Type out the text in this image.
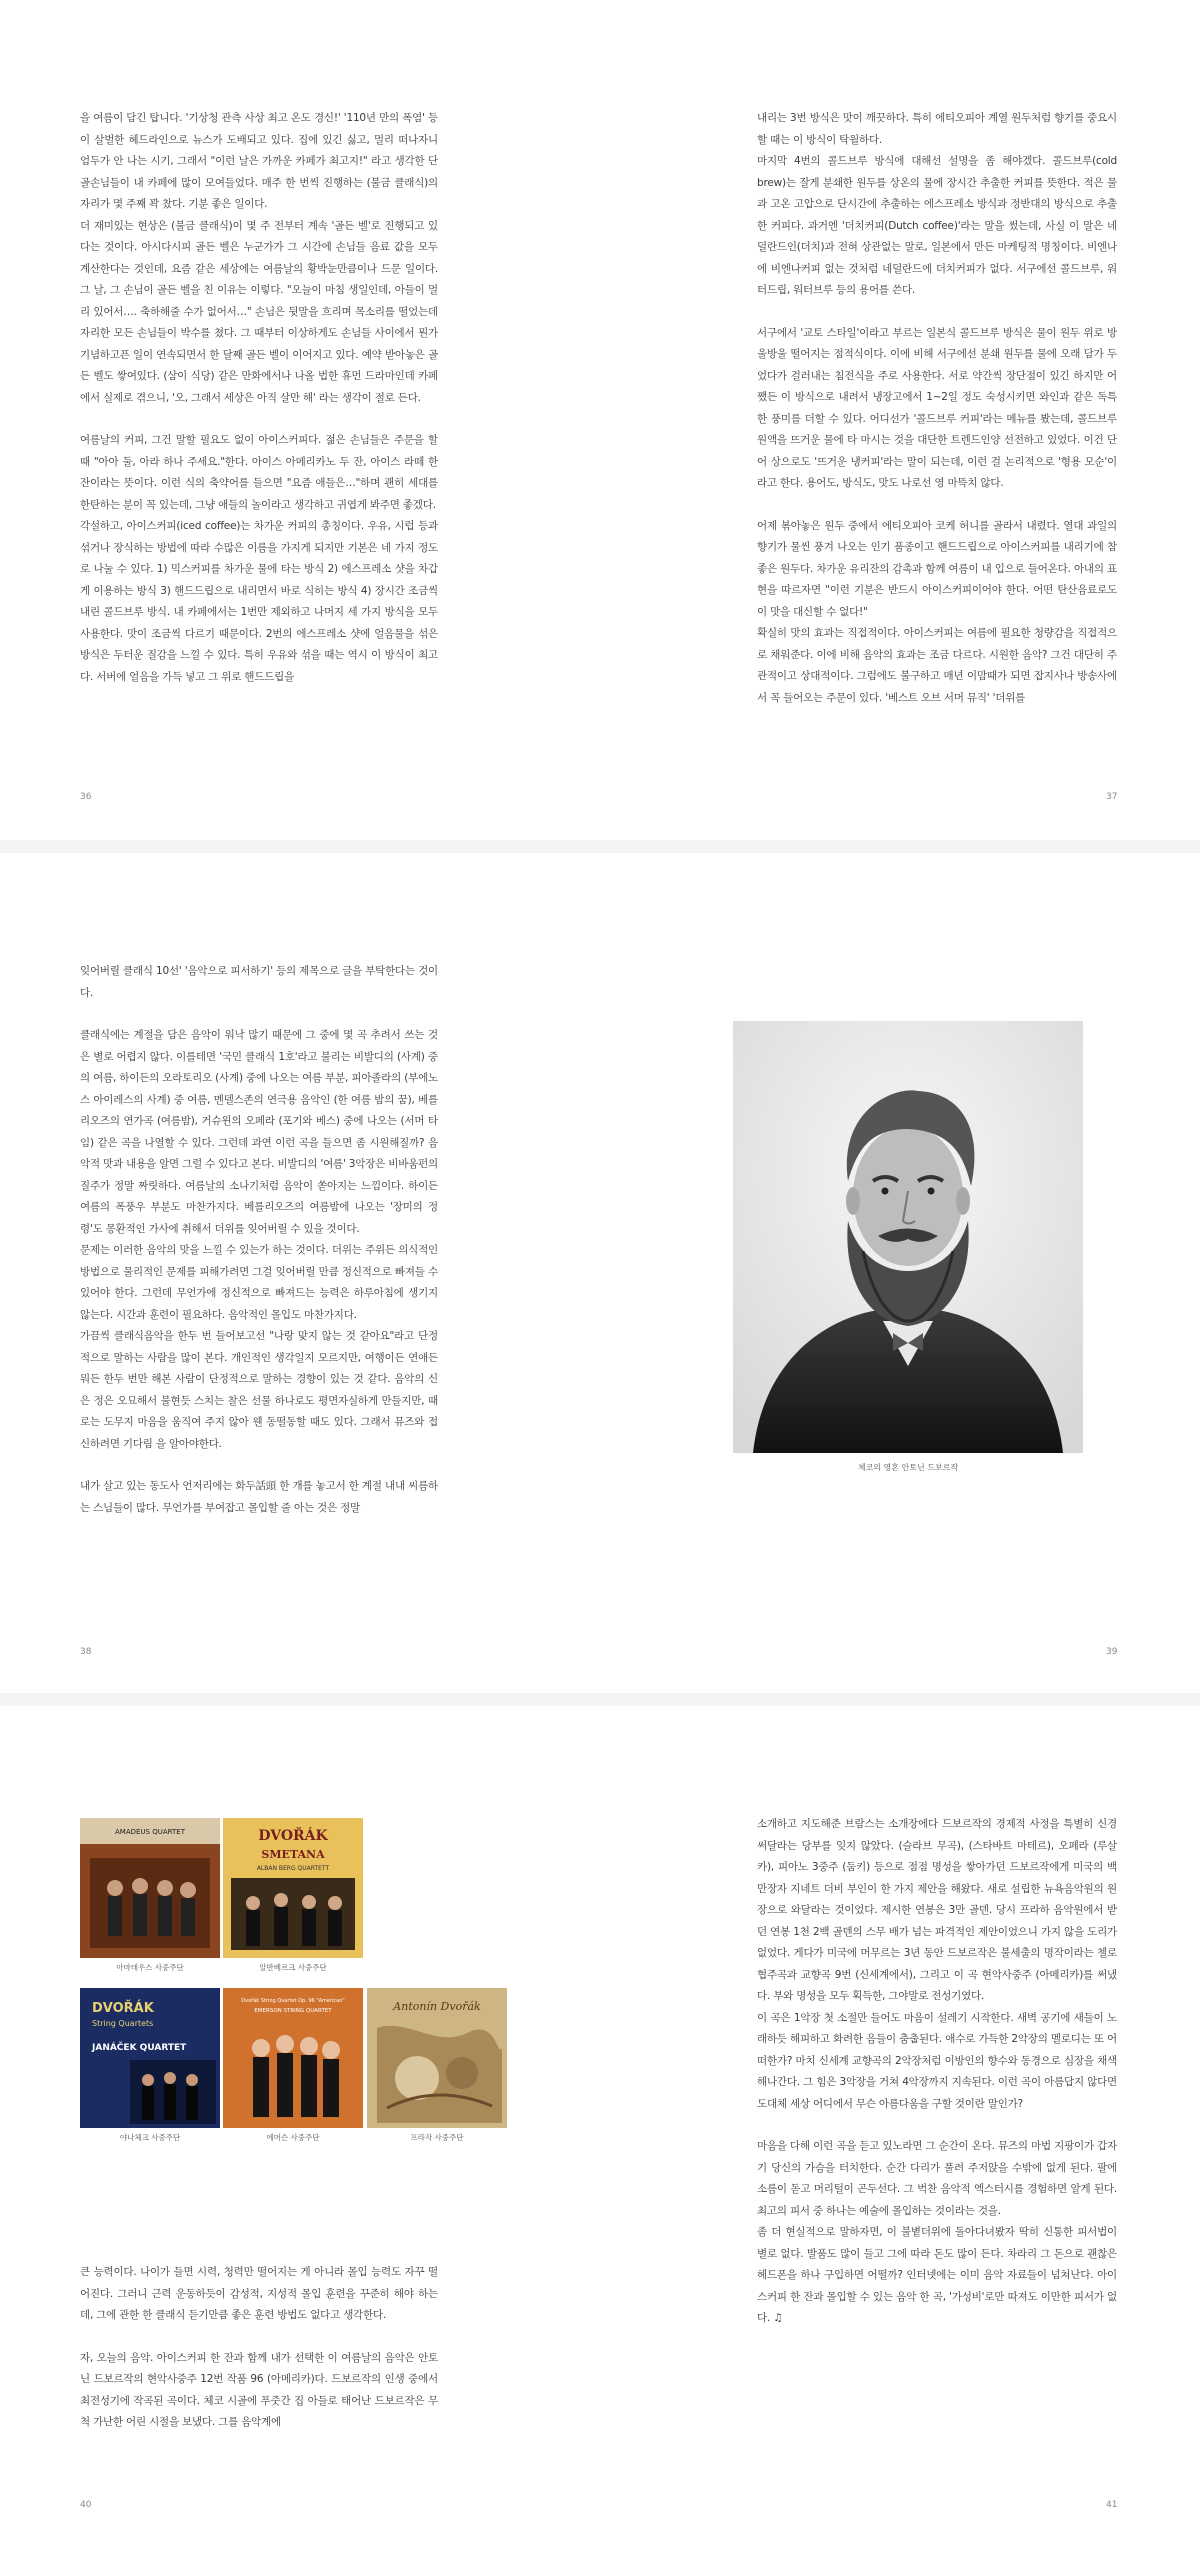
을 여름이 담긴 탑니다. '기상청 관측 사상 최고 온도 경신!' '110년 만의 폭염' 등이 살벌한 헤드라인으로 뉴스가 도배되고 있다. 집에 있긴 싫고, 멀리 떠나자니 엄두가 안 나는 시기, 그래서 "이런 날은 가까운 카페가 최고지!" 라고 생각한 단골손님들이 내 카페에 많이 모여들었다. 매주 한 번씩 진행하는 (불금 클래식)의 자리가 몇 주째 꽉 찼다. 기분 좋은 일이다.
더 재미있는 현상은 (불금 클래식)이 몇 주 전부터 계속 '골든 벨'로 진행되고 있다는 것이다. 아시다시피 골든 벨은 누군가가 그 시간에 손님들 음료 값을 모두 계산한다는 것인데, 요즘 같은 세상에는 여름날의 황박눈만큼이나 드문 일이다. 그 날, 그 손님이 골든 벨을 친 이유는 이렇다. "오늘이 마침 생일인데, 아들이 멀리 있어서…. 축하해줄 수가 없어서…" 손님은 뒷말을 흐리며 목소리를 떨었는데 자리한 모든 손님들이 박수를 쳤다. 그 때부터 이상하게도 손님들 사이에서 뭔가 기념하고픈 일이 연속되면서 한 달째 골든 벨이 이어지고 있다. 예약 받아놓은 골든 벨도 쌓여있다. (삼이 식당) 같은 만화에서나 나올 법한 휴먼 드라마인데 카페에서 실제로 겪으니, '오, 그래서 세상은 아직 살만 해' 라는 생각이 절로 든다.

여름날의 커피, 그건 말할 필요도 없이 아이스커피다. 젊은 손님들은 주문을 할 때 "아아 둘, 아라 하나 주세요."한다. 아이스 아메리카노 두 잔, 아이스 라떼 한 잔이라는 뜻이다. 이런 식의 축약어를 들으면 "요즘 애들은…"하며 괜히 세대를 한탄하는 분이 꼭 있는데, 그냥 애들의 놀이라고 생각하고 귀엽게 봐주면 좋겠다.
각설하고, 아이스커피(iced coffee)는 차가운 커피의 총칭이다. 우유, 시럽 등과 섞거나 장식하는 방법에 따라 수많은 이름을 가지게 되지만 기본은 네 가지 정도로 나눌 수 있다. 1) 믹스커피를 차가운 물에 타는 방식 2) 에스프레소 샷을 차갑게 이용하는 방식 3) 핸드드립으로 내리면서 바로 식히는 방식 4) 장시간 조금씩 내린 콜드브루 방식. 내 카페에서는 1번만 제외하고 나머지 세 가지 방식을 모두 사용한다. 맛이 조금씩 다르기 때문이다. 2번의 에스프레소 샷에 얼음물을 섞은 방식은 두터운 질감을 느낄 수 있다. 특히 우유와 섞을 때는 역시 이 방식이 최고다. 서버에 얼음을 가득 넣고 그 위로 핸드드립을

36

내리는 3번 방식은 맛이 깨끗하다. 특히 에티오피아 계열 원두처럼 향기를 중요시할 때는 이 방식이 탁월하다.
마지막 4번의 콜드브루 방식에 대해선 설명을 좀 해야겠다. 콜드브루(cold brew)는 잘게 분쇄한 원두를 상온의 물에 장시간 추출한 커피를 뜻한다. 적은 물과 고온 고압으로 단시간에 추출하는 에스프레소 방식과 정반대의 방식으로 추출한 커피다. 과거엔 '더치커피(Dutch coffee)'라는 말을 썼는데, 사실 이 말은 네덜란드인(더치)과 전혀 상관없는 말로, 일본에서 만든 마케팅적 명칭이다. 비엔나에 비엔나커피 없는 것처럼 네덜란드에 더치커피가 없다. 서구에선 콜드브루, 워터드립, 워터브루 등의 용어를 쓴다.

서구에서 '교토 스타일'이라고 부르는 일본식 콜드브루 방식은 물이 원두 위로 방울방울 떨어지는 점적식이다. 이에 비해 서구에선 분쇄 원두를 물에 오래 담가 두었다가 걸러내는 침전식을 주로 사용한다. 서로 약간씩 장단점이 있긴 하지만 어쨌든 이 방식으로 내려서 냉장고에서 1~2일 정도 숙성시키면 와인과 같은 독특한 풍미를 더할 수 있다. 어디선가 '콜드브루 커피'라는 메뉴를 봤는데, 콜드브루 원액을 뜨거운 물에 타 마시는 것을 대단한 트렌드인양 선전하고 있었다. 이건 단어 상으로도 '뜨거운 냉커피'라는 말이 되는데, 이런 걸 논리적으로 '형용 모순'이라고 한다. 용어도, 방식도, 맛도 나로선 영 마뜩치 않다.

어제 볶아놓은 원두 중에서 에티오피아 코케 허니를 골라서 내렸다. 열대 과일의 향기가 물씬 풍겨 나오는 인기 품종이고 핸드드립으로 아이스커피를 내리기에 참 좋은 원두다. 차가운 유리잔의 감촉과 함께 여름이 내 입으로 들어온다. 아내의 표현을 따르자면 "이런 기분은 반드시 아이스커피이어야 한다. 어떤 탄산음료로도 이 맛을 대신할 수 없다!"
확실히 맛의 효과는 직접적이다. 아이스커피는 여름에 필요한 청량감을 직접적으로 채워준다. 이에 비해 음악의 효과는 조금 다르다. 시원한 음악? 그건 대단히 주관적이고 상대적이다. 그럼에도 불구하고 매년 이맘때가 되면 잡지사나 방송사에서 꼭 들어오는 주문이 있다. '베스트 오브 서머 뮤직' '더위를

37

잊어버릴 클래식 10선' '음악으로 피서하기' 등의 제목으로 글을 부탁한다는 것이다.

클래식에는 계절을 담은 음악이 워낙 많기 때문에 그 중에 몇 곡 추려서 쓰는 것은 별로 어렵지 않다. 이를테면 '국민 클래식 1호'라고 불리는 비발디의 (사계) 중의 여름, 하이든의 오라토리오 (사계) 중에 나오는 여름 부분, 피아졸라의 (부에노스 아이레스의 사계) 중 여름, 멘델스존의 연극용 음악인 (한 여름 밤의 꿈), 베를리오즈의 연가곡 (여름밤), 거슈윈의 오페라 (포기와 베스) 중에 나오는 (서머 타임) 같은 곡을 나열할 수 있다. 그런데 과연 이런 곡을 들으면 좀 시원해질까? 음악적 맛과 내용을 알면 그럴 수 있다고 본다. 비발디의 '여름' 3악장은 비바움펀의 질주가 정말 짜릿하다. 여름날의 소나기처럼 음악이 쏟아지는 느낌이다. 하이든 여름의 폭풍우 부분도 마찬가지다. 베를리오즈의 여름밤에 나오는 '장미의 정령'도 몽환적인 가사에 취해서 더위를 잊어버릴 수 있을 것이다.
문제는 이러한 음악의 맛을 느낄 수 있는가 하는 것이다. 더위는 주위든 의식적인 방법으로 물리적인 문제를 피해가려면 그걸 잊어버릴 만큼 정신적으로 빠져들 수 있어야 한다. 그런데 무언가에 정신적으로 빠져드는 능력은 하루아침에 생기지 않는다. 시간과 훈련이 필요하다. 음악적인 몰입도 마찬가지다.
가끔씩 클래식음악을 한두 번 들어보고선 "나랑 맞지 않는 것 같아요"라고 단정적으로 말하는 사람을 많이 본다. 개인적인 생각일지 모르지만, 여행이든 연애든 뭐든 한두 번만 해본 사람이 단정적으로 말하는 경향이 있는 것 같다. 음악의 신은 정은 오묘해서 불현듯 스치는 찰은 선물 하나로도 평면자실하게 만들지만, 때로는 도무지 마음을 움직여 주지 않아 웬 동떨동할 때도 있다. 그래서 뮤즈와 접신하려면 기다림 을 알아야한다.

내가 살고 있는 동도사 언저리에는 화두話頭 한 개를 놓고서 한 계절 내내 씨름하는 스님들이 많다. 무언가를 부여잡고 몰입할 줄 아는 것은 정말

38
체코의 영혼 안토닌 드보르작
39
AMADEUS QUARTET
아마데우스 사중주단
DVOŘÁK
SMETANA
ALBAN BERG QUARTETT
알반베르크 사중주단
DVOŘÁK
String Quartets
JANÁČEK QUARTET
야나체크 사중주단
Dvořák String Quartet Op. 96 "American"
EMERSON STRING QUARTET
에머슨 사중주단
Antonín Dvořák
프라작 사중주단

큰 능력이다. 나이가 들면 시력, 청력만 떨어지는 게 아니라 몰입 능력도 자꾸 떨어진다. 그러니 근력 운동하듯이 감성적, 지성적 몰입 훈련을 꾸준히 해야 하는데, 그에 관한 한 클래식 듣기만큼 좋은 훈련 방법도 없다고 생각한다.

자, 오늘의 음악. 아이스커피 한 잔과 함께 내가 선택한 이 여름날의 음악은 안토닌 드보르작의 현악사중주 12번 작품 96 (아메리카)다. 드보르작의 인생 중에서 최전성기에 작곡된 곡이다. 체코 시골에 푸줏간 집 아들로 태어난 드보르작은 무척 가난한 어린 시절을 보냈다. 그를 음악계에

40

소개하고 지도해준 브람스는 소개장에다 드보르작의 경제적 사정을 특별히 신경 써달라는 당부를 잊지 않았다. (슬라브 무곡), (스타바트 마테르), 오페라 (루살카), 피아노 3중주 (둠키) 등으로 점점 명성을 쌓아가던 드보르작에게 미국의 백만장자 지네트 더비 부인이 한 가지 제안을 해왔다. 새로 설립한 뉴욕음악원의 원장으로 와달라는 것이었다. 제시한 연봉은 3만 골덴. 당시 프라하 음악원에서 받던 연봉 1천 2백 골덴의 스무 배가 넘는 파격적인 제안이었으니 가지 않을 도리가 없었다. 게다가 미국에 머무르는 3년 동안 드보르작은 불세출의 명작이라는 첼로 협주곡과 교향곡 9번 (신세계에서), 그리고 이 곡 현악사중주 (아메리카)를 써냈다. 부와 명성을 모두 획득한, 그야말로 전성기였다.
이 곡은 1악장 첫 소절만 들어도 마음이 설레기 시작한다. 새벽 공기에 새들이 노래하듯 해피하고 화려한 음들이 춤춥된다. 애수로 가득한 2악장의 멜로디는 또 어떠한가? 마치 신세계 교향곡의 2악장처럼 이방인의 향수와 동경으로 심장을 채색해나간다. 그 힘은 3악장을 거쳐 4악장까지 지속된다. 이런 곡이 아름답지 않다면 도대체 세상 어디에서 무슨 아름다움을 구할 것이란 말인가?

마음을 다해 이런 곡을 듣고 있노라면 그 순간이 온다. 뮤즈의 마법 지팡이가 갑자기 당신의 가슴을 터치한다. 순간 다리가 풀려 주저앉을 수밖에 없게 된다. 팔에 소름이 돋고 머리털이 곤두선다. 그 벅찬 음악적 엑스터시를 경험하면 알게 된다. 최고의 피서 중 하나는 예술에 몰입하는 것이라는 것을.
좀 더 현실적으로 말하자면, 이 불볕더위에 돌아다녀봤자 딱히 신통한 피서법이 별로 없다. 발품도 많이 들고 그에 따라 돈도 많이 든다. 차라리 그 돈으로 괜찮은 헤드폰을 하나 구입하면 어떨까? 인터넷에는 이미 음악 자료들이 넘쳐난다. 아이스커피 한 잔과 몰입할 수 있는 음악 한 곡, '가성비'로만 따져도 이만한 피서가 없다. ♫

41
